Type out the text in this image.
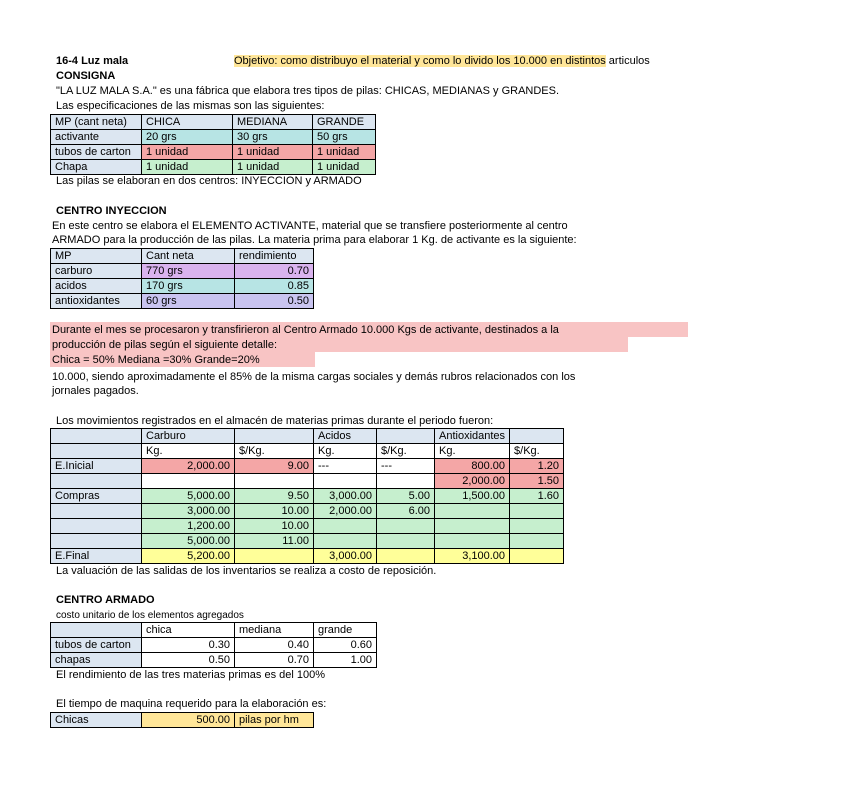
16-4 Luz mala	Objetivo: como distribuyo el material y como lo divido los 10.000 en distintos articulos
CONSIGNA
"LA LUZ MALA S.A." es una fábrica que elabora tres tipos de pilas: CHICAS, MEDIANAS y GRANDES.
Las especificaciones de las mismas son las siguientes:
MP (cant neta)	CHICA	MEDIANA	GRANDE
activante	20 grs	30 grs	50 grs
tubos de carton	1 unidad	1 unidad	1 unidad
Chapa	1 unidad	1 unidad	1 unidad
Las pilas se elaboran en dos centros: INYECCION y ARMADO
CENTRO INYECCION
En este centro se elabora el ELEMENTO ACTIVANTE, material que se transfiere posteriormente al centro
ARMADO para la producción de las pilas. La materia prima para elaborar 1 Kg. de activante es la siguiente:
MP	Cant neta	rendimiento
carburo	770 grs	0.70
acidos	170 grs	0.85
antioxidantes	60 grs	0.50
Durante el mes se procesaron y transfirieron al Centro Armado 10.000 Kgs de activante, destinados a la
producción de pilas según el siguiente detalle:
Chica = 50% Mediana =30% Grande=20%
10.000, siendo aproximadamente el 85% de la misma cargas sociales y demás rubros relacionados con los
jornales pagados.
Los movimientos registrados en el almacén de materias primas durante el periodo fueron:
	Carburo		Acidos		Antioxidantes	
	Kg.	$/Kg.	Kg.	$/Kg.	Kg.	$/Kg.
E.Inicial	2,000.00	9.00	---	---	800.00	1.20
					2,000.00	1.50
Compras	5,000.00	9.50	3,000.00	5.00	1,500.00	1.60
	3,000.00	10.00	2,000.00	6.00		
	1,200.00	10.00				
	5,000.00	11.00				
E.Final	5,200.00		3,000.00		3,100.00	
La valuación de las salidas de los inventarios se realiza a costo de reposición.
CENTRO ARMADO
costo unitario de los elementos agregados
	chica	mediana	grande
tubos de carton	0.30	0.40	0.60
chapas	0.50	0.70	1.00
El rendimiento de las tres materias primas es del 100%
El tiempo de maquina requerido para la elaboración es:
Chicas	500.00	pilas por hm
